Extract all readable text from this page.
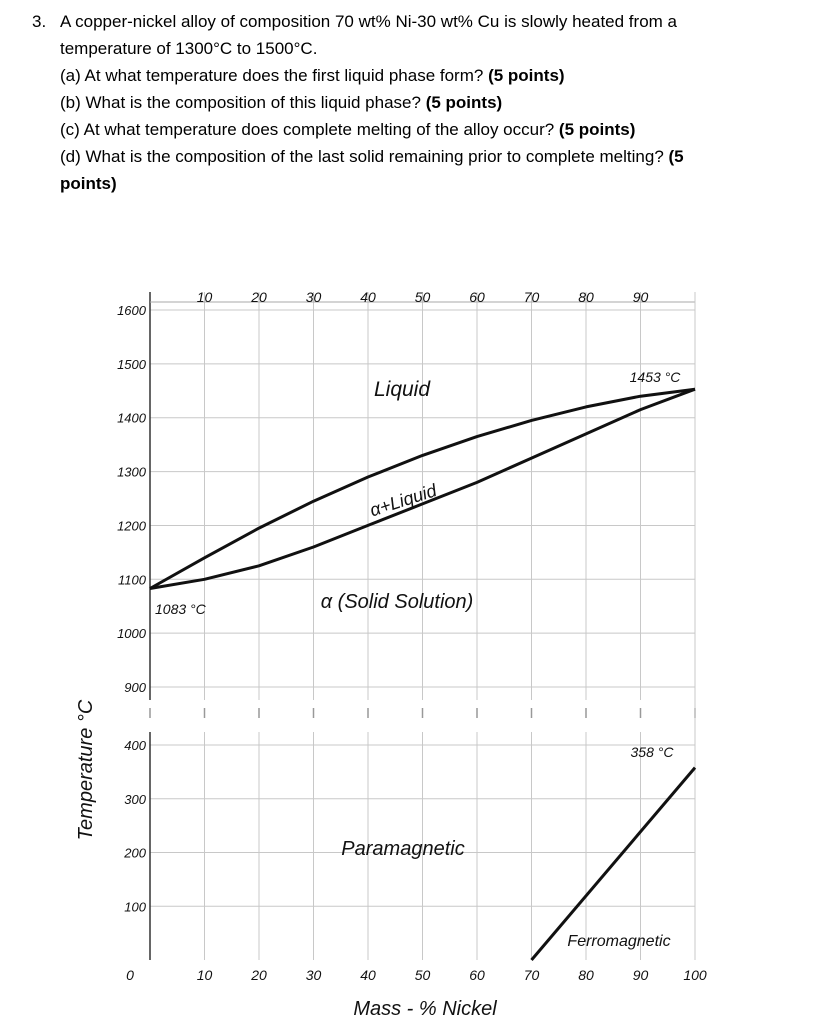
3. A copper-nickel alloy of composition 70 wt% Ni-30 wt% Cu is slowly heated from a
temperature of 1300°C to 1500°C.
(a) At what temperature does the first liquid phase form? (5 points)
(b) What is the composition of this liquid phase? (5 points)
(c) At what temperature does complete melting of the alloy occur? (5 points)
(d) What is the composition of the last solid remaining prior to complete melting? (5
points)
1600
1500
1400
1300
1200
1100
1000
900
400
300
200
100
10	20	30	40	50	60	70	80	90
0	10	20	30	40	50	60	70	80	90	100
Mass - % Nickel
Temperature °C
Liquid
α+Liquid
α (Solid Solution)
Paramagnetic
Ferromagnetic
1083 °C
1453 °C
358 °C
